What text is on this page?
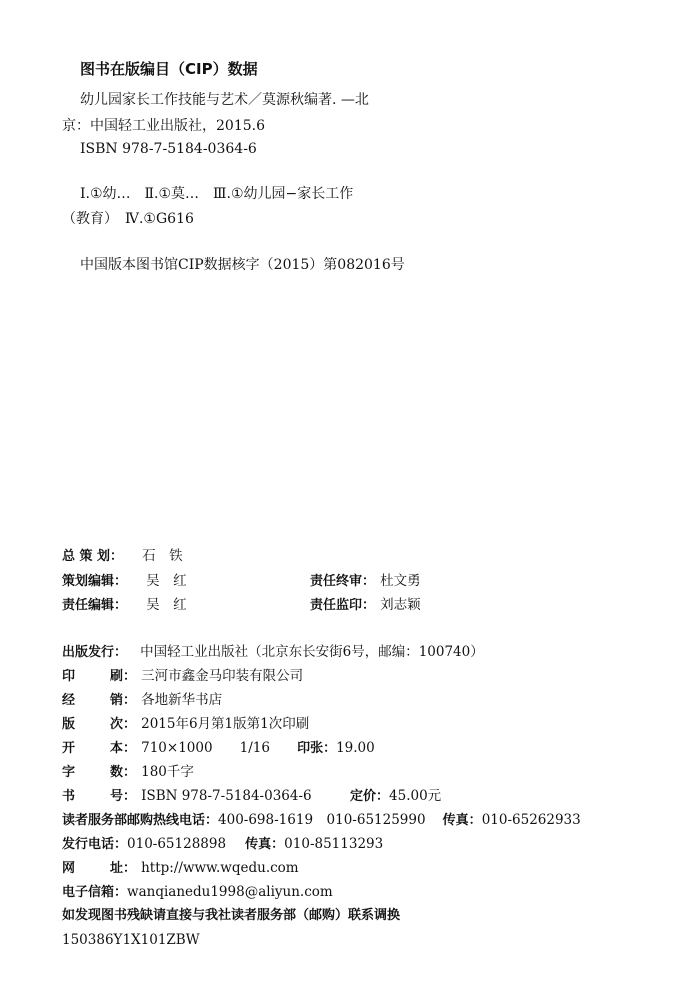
图书在版编目（CIP）数据
幼儿园家长工作技能与艺术／莫源秋编著. —北
京：中国轻工业出版社，2015.6
ISBN 978-7-5184-0364-6
Ⅰ.①幼…　Ⅱ.①莫…　Ⅲ.①幼儿园−家长工作
（教育）　Ⅳ.①G616
中国版本图书馆CIP数据核字（2015）第082016号
总 策 划： 石　铁
策划编辑： 吴　红	责任终审： 杜文勇
责任编辑： 吴　红	责任监印： 刘志颖
出版发行： 中国轻工业出版社（北京东长安街6号，邮编：100740）
印	刷： 三河市鑫金马印装有限公司
经	销： 各地新华书店
版	次： 2015年6月第1版第1次印刷
开	本： 710×1000 1/16 印张：19.00
字	数： 180千字
书	号： ISBN 978-7-5184-0364-6	定价：45.00元
读者服务部邮购热线电话：400-698-1619　010-65125990 传真：010-65262933
发行电话：010-65128898 传真：010-85113293
网	址： http://www.wqedu.com
电子信箱：wanqianedu1998@aliyun.com
如发现图书残缺请直接与我社读者服务部（邮购）联系调换
150386Y1X101ZBW
